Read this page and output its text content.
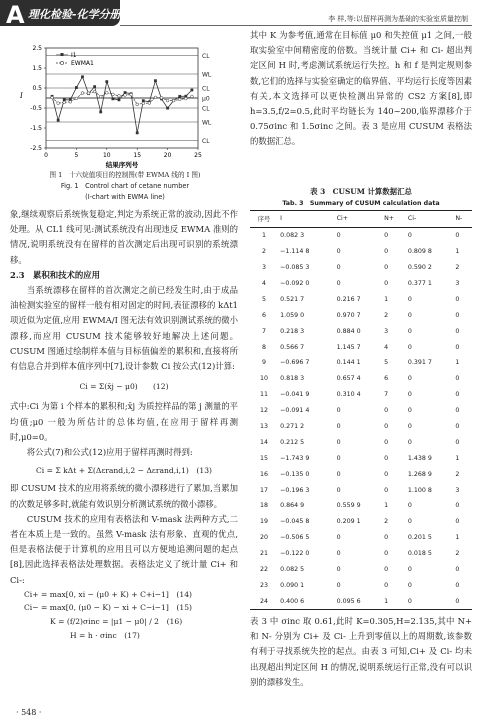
A 理化检验-化学分册	李 样,等:以留样再测为基础的实验室质量控制
CL
WL
CL
μ0
CL
WL
CL
2.5
1.5
0.5
-0.5
-1.5
-2.5
I
0	5	10	15	20	25
结果序列号
I1
EWMA1
图 1　十六烷值项目的控制图(带 EWMA 线的 I 图)
Fig. 1　Control chart of cetane number
(I-chart with EWMA line)
象,继续观察后系统恢复稳定,判定为系统正常的波动,因此不作处理。从 CL1 线可见:测试系统没有出现违反 EWMA 准则的情况,说明系统没有在留样的首次测定后出现可识别的系统漂移。
2.3　累积和技术的应用
当系统漂移在留样的首次测定之前已经发生时,由于成品油检测实验室的留样一般有相对固定的时间,表征漂移的 kΔt1 项近似为定值,应用 EWMA/I 图无法有效识别测试系统的微小漂移,而应用 CUSUM 技术能够较好地解决上述问题。CUSUM 图通过绘制样本值与目标值偏差的累积和,直接将所有信息合并到样本值序列中[7],设计参数 Ci 按公式(12)计算:
Ci = Σ(x̄j − μ0)　　(12)
式中:Ci 为第 i 个样本的累积和;x̄j 为质控样品的第 j 测量的平均值;μ0 一般为所估计的总体均值,在应用于留样再测时,μ0=0。
将公式(7)和公式(12)应用于留样再测时得到:
Ci = Σ kΔt + Σ(Δεrand,i,2 − Δεrand,i,1)　(13)
即 CUSUM 技术的应用将系统的微小漂移进行了累加,当累加的次数足够多时,就能有效识别分析测试系统的微小漂移。
CUSUM 技术的应用有表格法和 V-mask 法两种方式,二者在本质上是一致的。虽然 V-mask 法有形象、直观的优点,但是表格法便于计算机的应用且可以方便地追溯问题的起点[8],因此选择表格法处理数据。表格法定义了统计量 Ci+ 和 Ci-:
Ci+ = max[0, xi − (μ0 + K) + C+i−1]　(14)
Ci− = max[0, (μ0 − K) − xi + C−i−1]　(15)
K = (f/2)σinc = |μ1 − μ0| / 2　(16)
H = h · σinc　(17)
其中 K 为参考值,通常在目标值 μ0 和失控值 μ1 之间,一般取实验室中间精密度的倍数。当统计量 Ci+ 和 Ci- 超出判定区间 H 时,考虑测试系统运行失控。h 和 f 是判定规则参数,它们的选择与实验室确定的临界值、平均运行长度等因素有关,本文选择可以更快检测出异常的 CS2 方案[8],即 h=3.5,f/2=0.5,此时平均链长为 140~200,临界漂移介于 0.75σinc 和 1.5σinc 之间。表 3 是应用 CUSUM 表格法的数据汇总。
表 3　CUSUM 计算数据汇总
Tab. 3　Summary of CUSUM calculation data
序号	I	Ci+	N+	Ci-	N-
1	0.082 3	0	0	0	0
2	−1.114 8	0	0	0.809 8	1
3	−0.085 3	0	0	0.590 2	2
4	−0.092 0	0	0	0.377 1	3
5	0.521 7	0.216 7	1	0	0
6	1.059 0	0.970 7	2	0	0
7	0.218 3	0.884 0	3	0	0
8	0.566 7	1.145 7	4	0	0
9	−0.696 7	0.144 1	5	0.391 7	1
10	0.818 3	0.657 4	6	0	0
11	−0.041 9	0.310 4	7	0	0
12	−0.091 4	0	0	0	0
13	0.271 2	0	0	0	0
14	0.212 5	0	0	0	0
15	−1.743 9	0	0	1.438 9	1
16	−0.135 0	0	0	1.268 9	2
17	−0.196 3	0	0	1.100 8	3
18	0.864 9	0.559 9	1	0	0
19	−0.045 8	0.209 1	2	0	0
20	−0.506 5	0	0	0.201 5	1
21	−0.122 0	0	0	0.018 5	2
22	0.082 5	0	0	0	0
23	0.090 1	0	0	0	0
24	0.400 6	0.095 6	1	0	0
表 3 中 σinc 取 0.61,此时 K=0.305,H=2.135,其中 N+ 和 N- 分别为 Ci+ 及 Ci- 上升到零值以上的周期数,该参数有利于寻找系统失控的起点。由表 3 可知,Ci+ 及 Ci- 均未出现超出判定区间 H 的情况,说明系统运行正常,没有可以识别的漂移发生。
· 548 ·
